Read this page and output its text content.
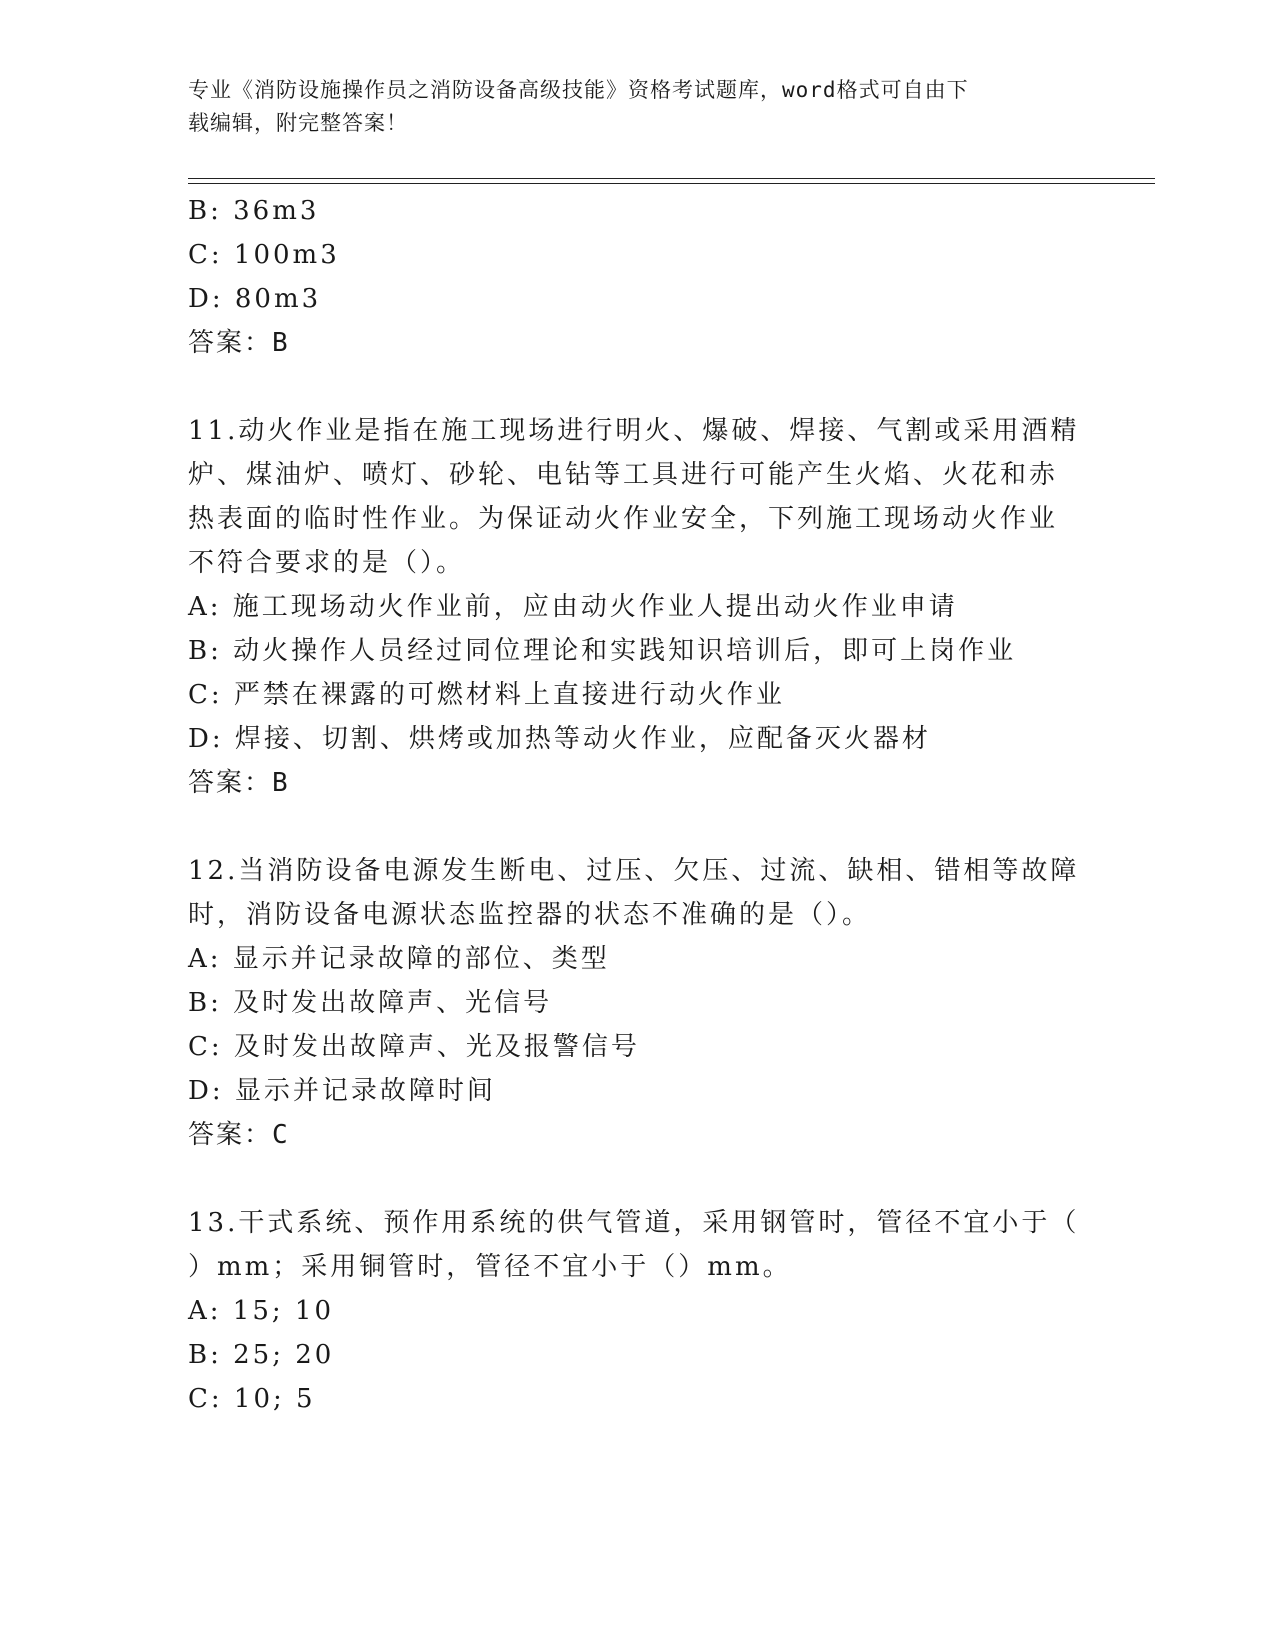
专业《消防设施操作员之消防设备高级技能》资格考试题库，word格式可自由下
载编辑，附完整答案！
B: 36m3
C: 100m3
D: 80m3
答案：B
11.动火作业是指在施工现场进行明火、爆破、焊接、气割或采用酒精
炉、煤油炉、喷灯、砂轮、电钻等工具进行可能产生火焰、火花和赤
热表面的临时性作业。为保证动火作业安全，下列施工现场动火作业
不符合要求的是（）。
A: 施工现场动火作业前，应由动火作业人提出动火作业申请
B: 动火操作人员经过同位理论和实践知识培训后，即可上岗作业
C: 严禁在裸露的可燃材料上直接进行动火作业
D: 焊接、切割、烘烤或加热等动火作业，应配备灭火器材
答案：B
12.当消防设备电源发生断电、过压、欠压、过流、缺相、错相等故障
时，消防设备电源状态监控器的状态不准确的是（）。
A: 显示并记录故障的部位、类型
B: 及时发出故障声、光信号
C: 及时发出故障声、光及报警信号
D: 显示并记录故障时间
答案：C
13.干式系统、预作用系统的供气管道，采用钢管时，管径不宜小于（
）mm；采用铜管时，管径不宜小于（）mm。
A: 15; 10
B: 25; 20
C: 10; 5
